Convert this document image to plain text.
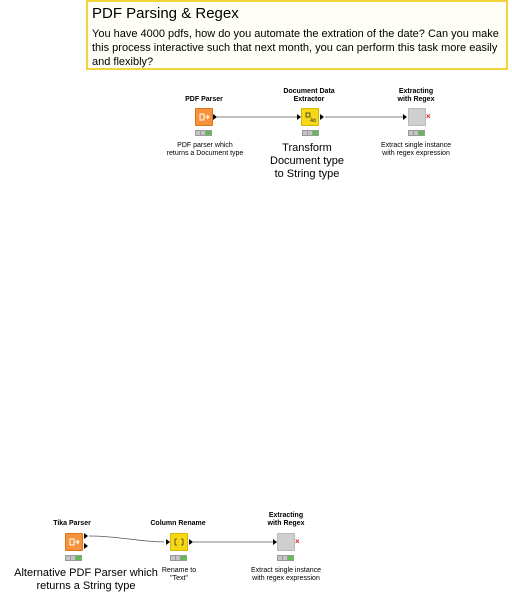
PDF Parsing & Regex
You have 4000 pdfs, how do you automate the extration of the date? Can you make this process interactive such that next month, you can perform this task more easily and flexibly?
PDF Parser
PDF parser which
returns a Document type
Document Data
Extractor
Ab
Transform
Document type
to String type
Extracting
with Regex
×
Extract single instance
with regex expression
Tika Parser
Alternative PDF Parser which
returns a String type
Column Rename
Rename to
"Text"
Extracting
with Regex
×
Extract single instance
with regex expression
